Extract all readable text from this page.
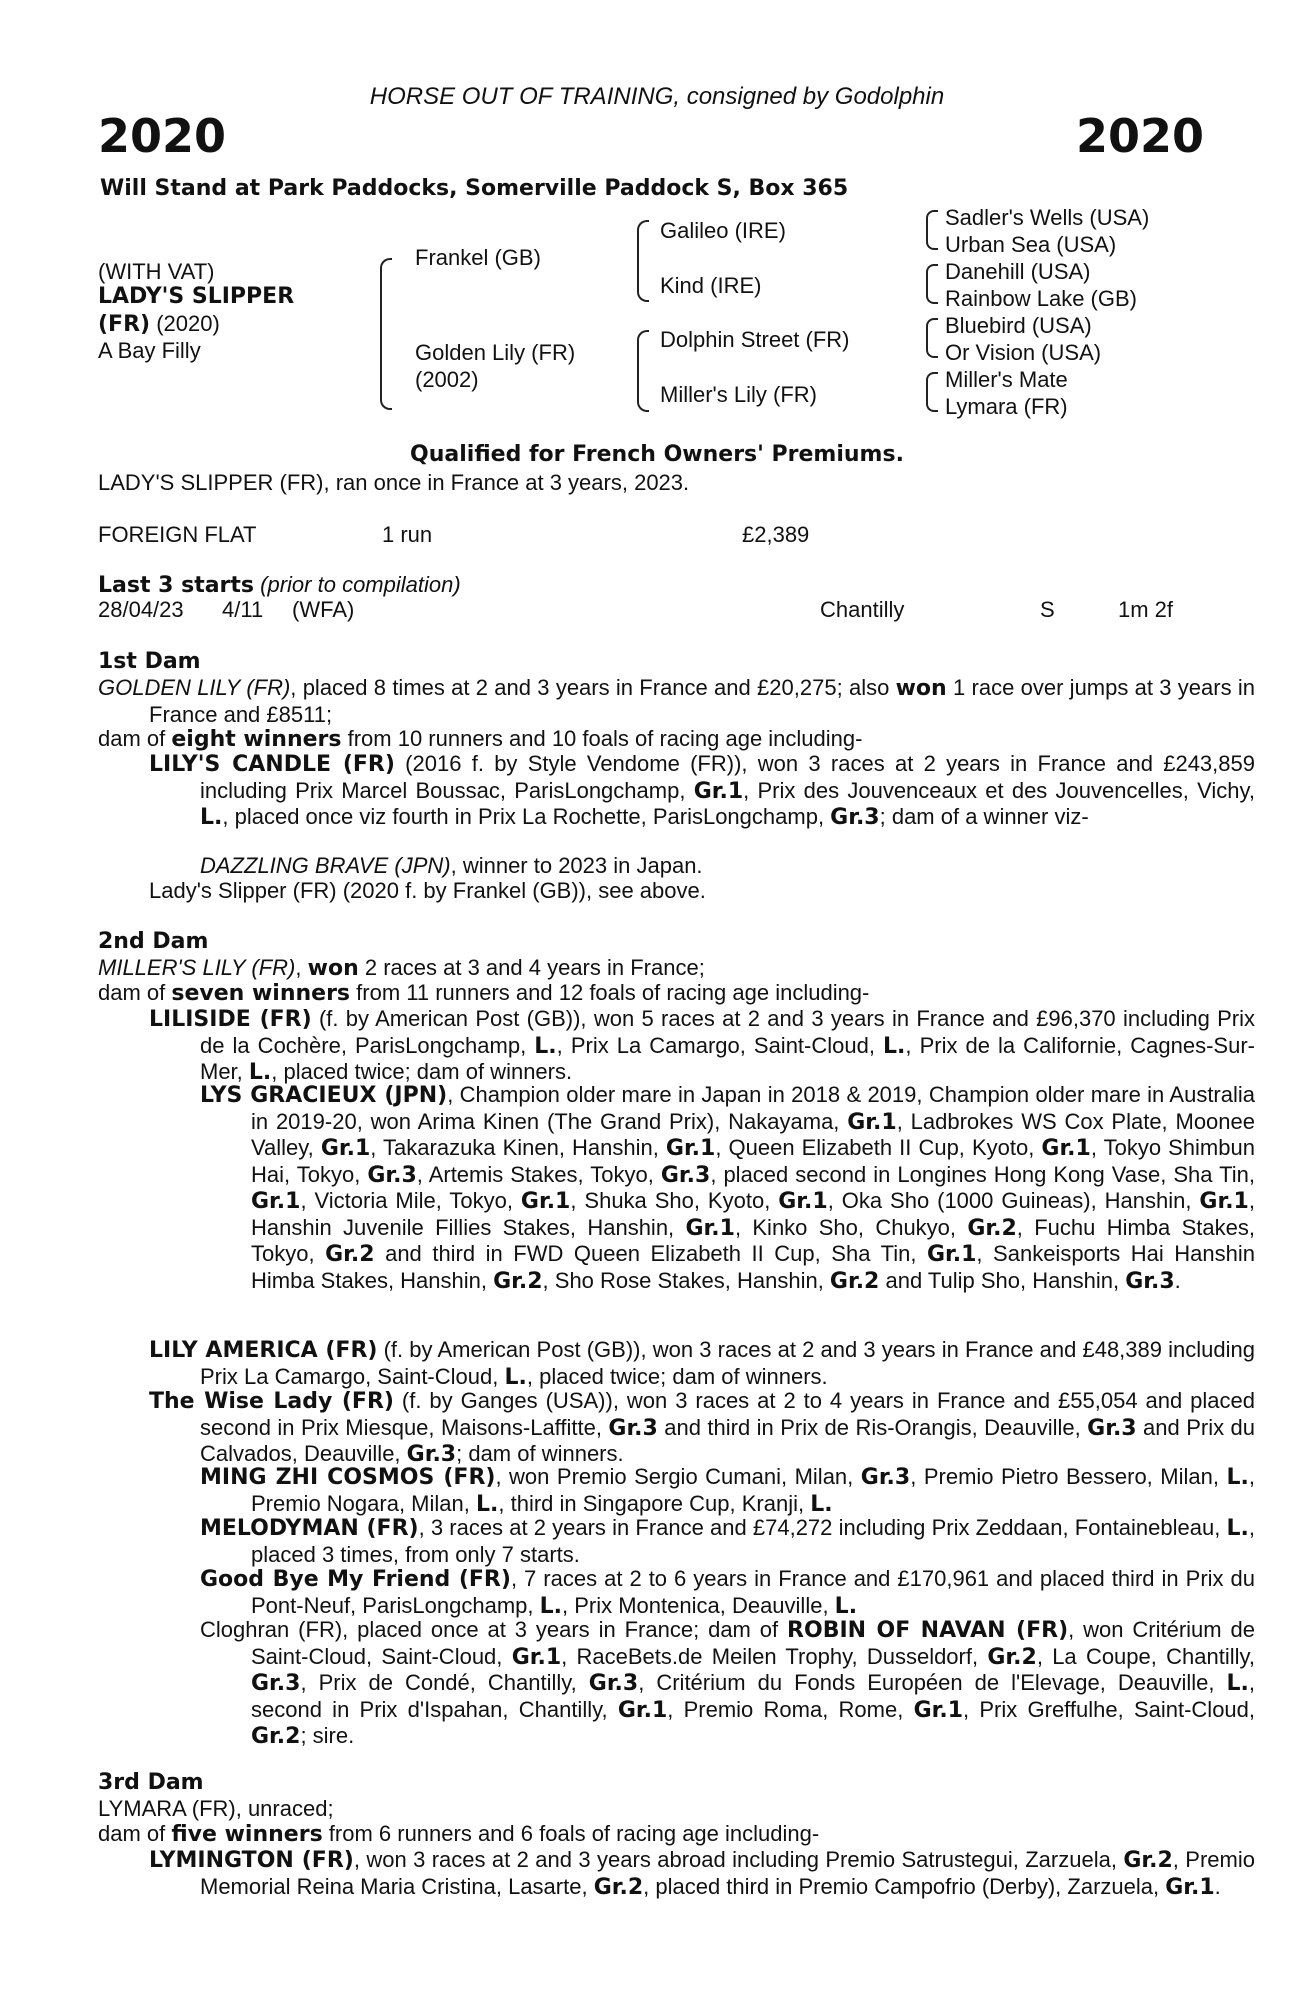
HORSE OUT OF TRAINING, consigned by Godolphin
2020	2020
Will Stand at Park Paddocks, Somerville Paddock S, Box 365
(WITH VAT)
LADY'S SLIPPER
(FR) (2020)
A Bay Filly
Frankel (GB)
Golden Lily (FR)
(2002)
Galileo (IRE)
Kind (IRE)
Dolphin Street (FR)
Miller's Lily (FR)
Sadler's Wells (USA)
Urban Sea (USA)
Danehill (USA)
Rainbow Lake (GB)
Bluebird (USA)
Or Vision (USA)
Miller's Mate
Lymara (FR)
Qualified for French Owners' Premiums.
LADY'S SLIPPER (FR), ran once in France at 3 years, 2023.
FOREIGN FLAT	1 run	£2,389
Last 3 starts (prior to compilation)
28/04/23 4/11 (WFA)	Chantilly	S	1m 2f
1st Dam
GOLDEN LILY (FR), placed 8 times at 2 and 3 years in France and £20,275; also won 1 race over jumps at 3 years in France and £8511;
dam of eight winners from 10 runners and 10 foals of racing age including-
LILY'S CANDLE (FR) (2016 f. by Style Vendome (FR)), won 3 races at 2 years in France and £243,859 including Prix Marcel Boussac, ParisLongchamp, Gr.1, Prix des Jouvenceaux et des Jouvencelles, Vichy, L., placed once viz fourth in Prix La Rochette, ParisLongchamp, Gr.3; dam of a winner viz-
DAZZLING BRAVE (JPN), winner to 2023 in Japan.
Lady's Slipper (FR) (2020 f. by Frankel (GB)), see above.
2nd Dam
MILLER'S LILY (FR), won 2 races at 3 and 4 years in France;
dam of seven winners from 11 runners and 12 foals of racing age including-
LILISIDE (FR) (f. by American Post (GB)), won 5 races at 2 and 3 years in France and £96,370 including Prix de la Cochère, ParisLongchamp, L., Prix La Camargo, Saint-Cloud, L., Prix de la Californie, Cagnes-Sur-Mer, L., placed twice; dam of winners.
LYS GRACIEUX (JPN), Champion older mare in Japan in 2018 & 2019, Champion older mare in Australia in 2019-20, won Arima Kinen (The Grand Prix), Nakayama, Gr.1, Ladbrokes WS Cox Plate, Moonee Valley, Gr.1, Takarazuka Kinen, Hanshin, Gr.1, Queen Elizabeth II Cup, Kyoto, Gr.1, Tokyo Shimbun Hai, Tokyo, Gr.3, Artemis Stakes, Tokyo, Gr.3, placed second in Longines Hong Kong Vase, Sha Tin, Gr.1, Victoria Mile, Tokyo, Gr.1, Shuka Sho, Kyoto, Gr.1, Oka Sho (1000 Guineas), Hanshin, Gr.1, Hanshin Juvenile Fillies Stakes, Hanshin, Gr.1, Kinko Sho, Chukyo, Gr.2, Fuchu Himba Stakes, Tokyo, Gr.2 and third in FWD Queen Elizabeth II Cup, Sha Tin, Gr.1, Sankeisports Hai Hanshin Himba Stakes, Hanshin, Gr.2, Sho Rose Stakes, Hanshin, Gr.2 and Tulip Sho, Hanshin, Gr.3.
LILY AMERICA (FR) (f. by American Post (GB)), won 3 races at 2 and 3 years in France and £48,389 including Prix La Camargo, Saint-Cloud, L., placed twice; dam of winners.
The Wise Lady (FR) (f. by Ganges (USA)), won 3 races at 2 to 4 years in France and £55,054 and placed second in Prix Miesque, Maisons-Laffitte, Gr.3 and third in Prix de Ris-Orangis, Deauville, Gr.3 and Prix du Calvados, Deauville, Gr.3; dam of winners.
MING ZHI COSMOS (FR), won Premio Sergio Cumani, Milan, Gr.3, Premio Pietro Bessero, Milan, L., Premio Nogara, Milan, L., third in Singapore Cup, Kranji, L.
MELODYMAN (FR), 3 races at 2 years in France and £74,272 including Prix Zeddaan, Fontainebleau, L., placed 3 times, from only 7 starts.
Good Bye My Friend (FR), 7 races at 2 to 6 years in France and £170,961 and placed third in Prix du Pont-Neuf, ParisLongchamp, L., Prix Montenica, Deauville, L.
Cloghran (FR), placed once at 3 years in France; dam of ROBIN OF NAVAN (FR), won Critérium de Saint-Cloud, Saint-Cloud, Gr.1, RaceBets.de Meilen Trophy, Dusseldorf, Gr.2, La Coupe, Chantilly, Gr.3, Prix de Condé, Chantilly, Gr.3, Critérium du Fonds Européen de l'Elevage, Deauville, L., second in Prix d'Ispahan, Chantilly, Gr.1, Premio Roma, Rome, Gr.1, Prix Greffulhe, Saint-Cloud, Gr.2; sire.
3rd Dam
LYMARA (FR), unraced;
dam of five winners from 6 runners and 6 foals of racing age including-
LYMINGTON (FR), won 3 races at 2 and 3 years abroad including Premio Satrustegui, Zarzuela, Gr.2, Premio Memorial Reina Maria Cristina, Lasarte, Gr.2, placed third in Premio Campofrio (Derby), Zarzuela, Gr.1.
